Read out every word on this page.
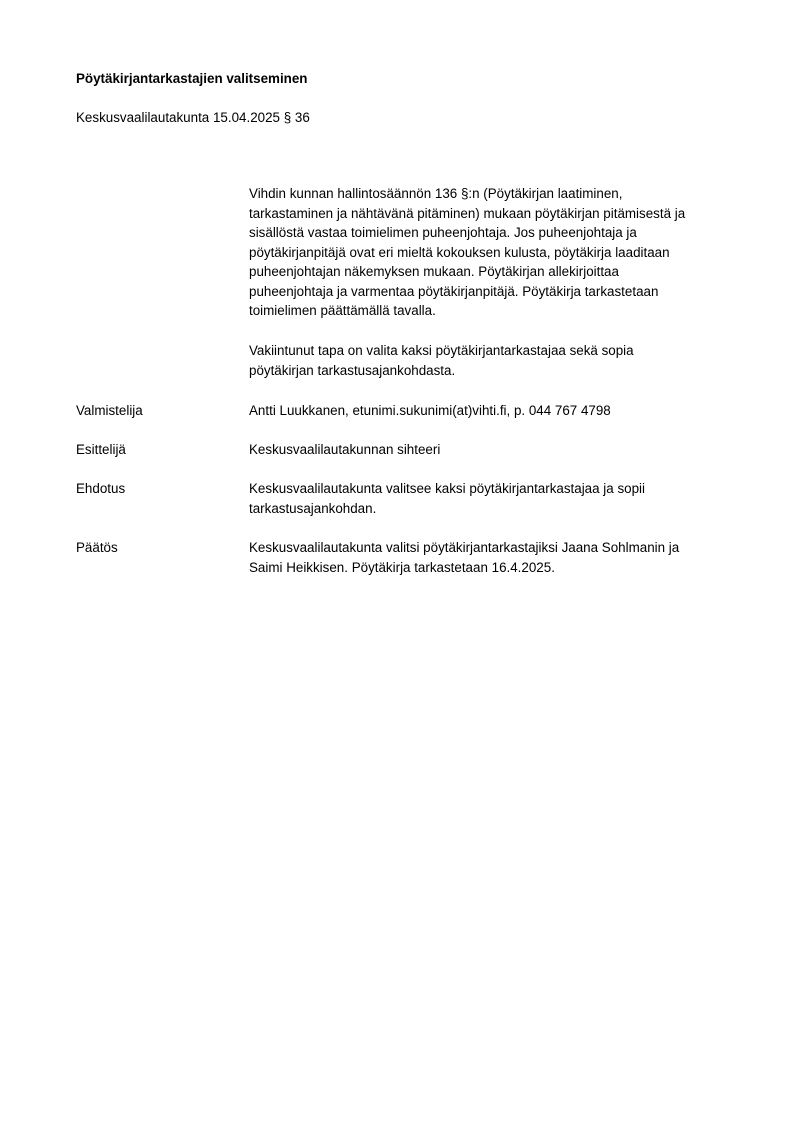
Pöytäkirjantarkastajien valitseminen
Keskusvaalilautakunta 15.04.2025 § 36
Vihdin kunnan hallintosäännön 136 §:n (Pöytäkirjan laatiminen,
tarkastaminen ja nähtävänä pitäminen) mukaan pöytäkirjan pitämisestä ja
sisällöstä vastaa toimielimen puheenjohtaja. Jos puheenjohtaja ja
pöytäkirjanpitäjä ovat eri mieltä kokouksen kulusta, pöytäkirja laaditaan
puheenjohtajan näkemyksen mukaan. Pöytäkirjan allekirjoittaa
puheenjohtaja ja varmentaa pöytäkirjanpitäjä. Pöytäkirja tarkastetaan
toimielimen päättämällä tavalla.
Vakiintunut tapa on valita kaksi pöytäkirjantarkastajaa sekä sopia
pöytäkirjan tarkastusajankohdasta.
Valmistelija	Antti Luukkanen, etunimi.sukunimi(at)vihti.fi, p. 044 767 4798
Esittelijä	Keskusvaalilautakunnan sihteeri
Ehdotus	Keskusvaalilautakunta valitsee kaksi pöytäkirjantarkastajaa ja sopii
tarkastusajankohdan.
Päätös	Keskusvaalilautakunta valitsi pöytäkirjantarkastajiksi Jaana Sohlmanin ja
Saimi Heikkisen. Pöytäkirja tarkastetaan 16.4.2025.
